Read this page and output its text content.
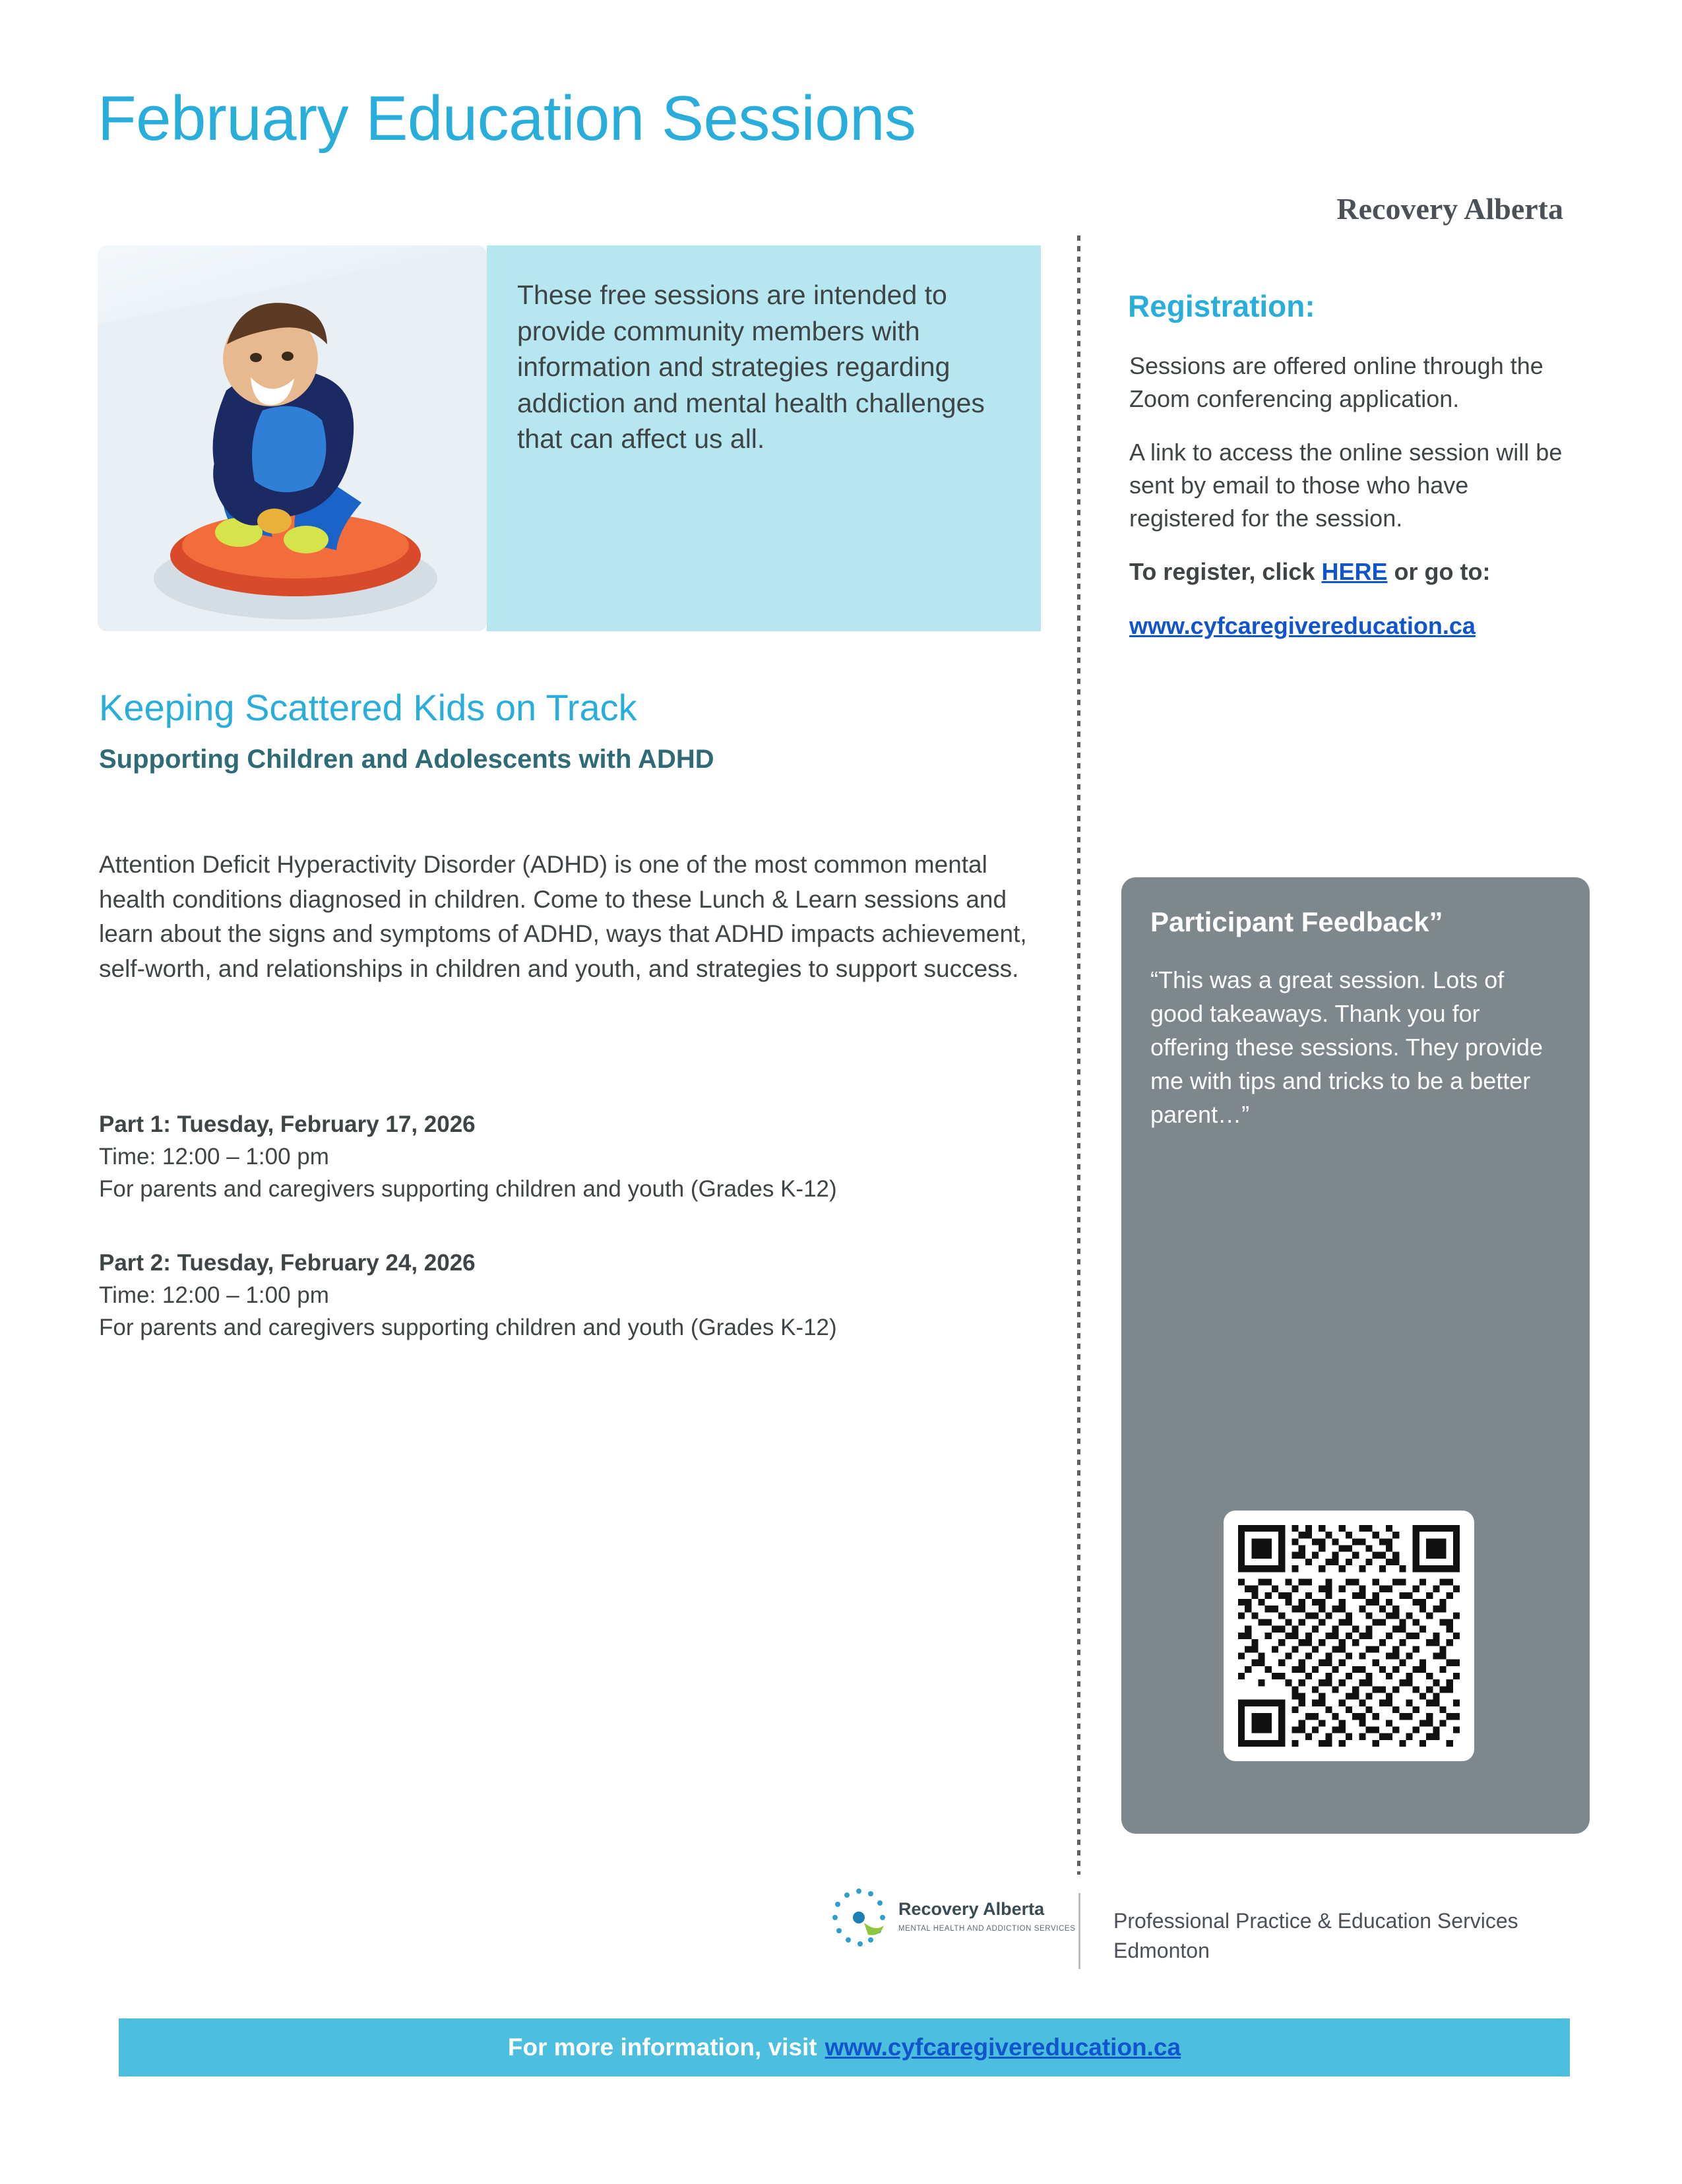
February Education Sessions
Recovery Alberta

These free sessions are intended to provide community members with information and strategies regarding addiction and mental health challenges that can affect us all.

Keeping Scattered Kids on Track
Supporting Children and Adolescents with ADHD
Attention Deficit Hyperactivity Disorder (ADHD) is one of the most common mental health conditions diagnosed in children. Come to these Lunch & Learn sessions and learn about the signs and symptoms of ADHD, ways that ADHD impacts achievement, self-worth, and relationships in children and youth, and strategies to support success.
Part 1: Tuesday, February 17, 2026
Time: 12:00 – 1:00 pm
For parents and caregivers supporting children and youth (Grades K-12)
Part 2: Tuesday, February 24, 2026
Time: 12:00 – 1:00 pm
For parents and caregivers supporting children and youth (Grades K-12)
Registration:

Sessions are offered online through the Zoom conferencing application.

A link to access the online session will be sent by email to those who have registered for the session.

To register, click HERE or go to:

www.cyfcaregivereducation.ca

Participant Feedback”

“This was a great session. Lots of good takeaways. Thank you for offering these sessions. They provide me with tips and tricks to be a better parent…”

Recovery Alberta
MENTAL HEALTH AND ADDICTION SERVICES Professional Practice & Education Services
Edmonton
For more information, visit www.cyfcaregivereducation.ca
